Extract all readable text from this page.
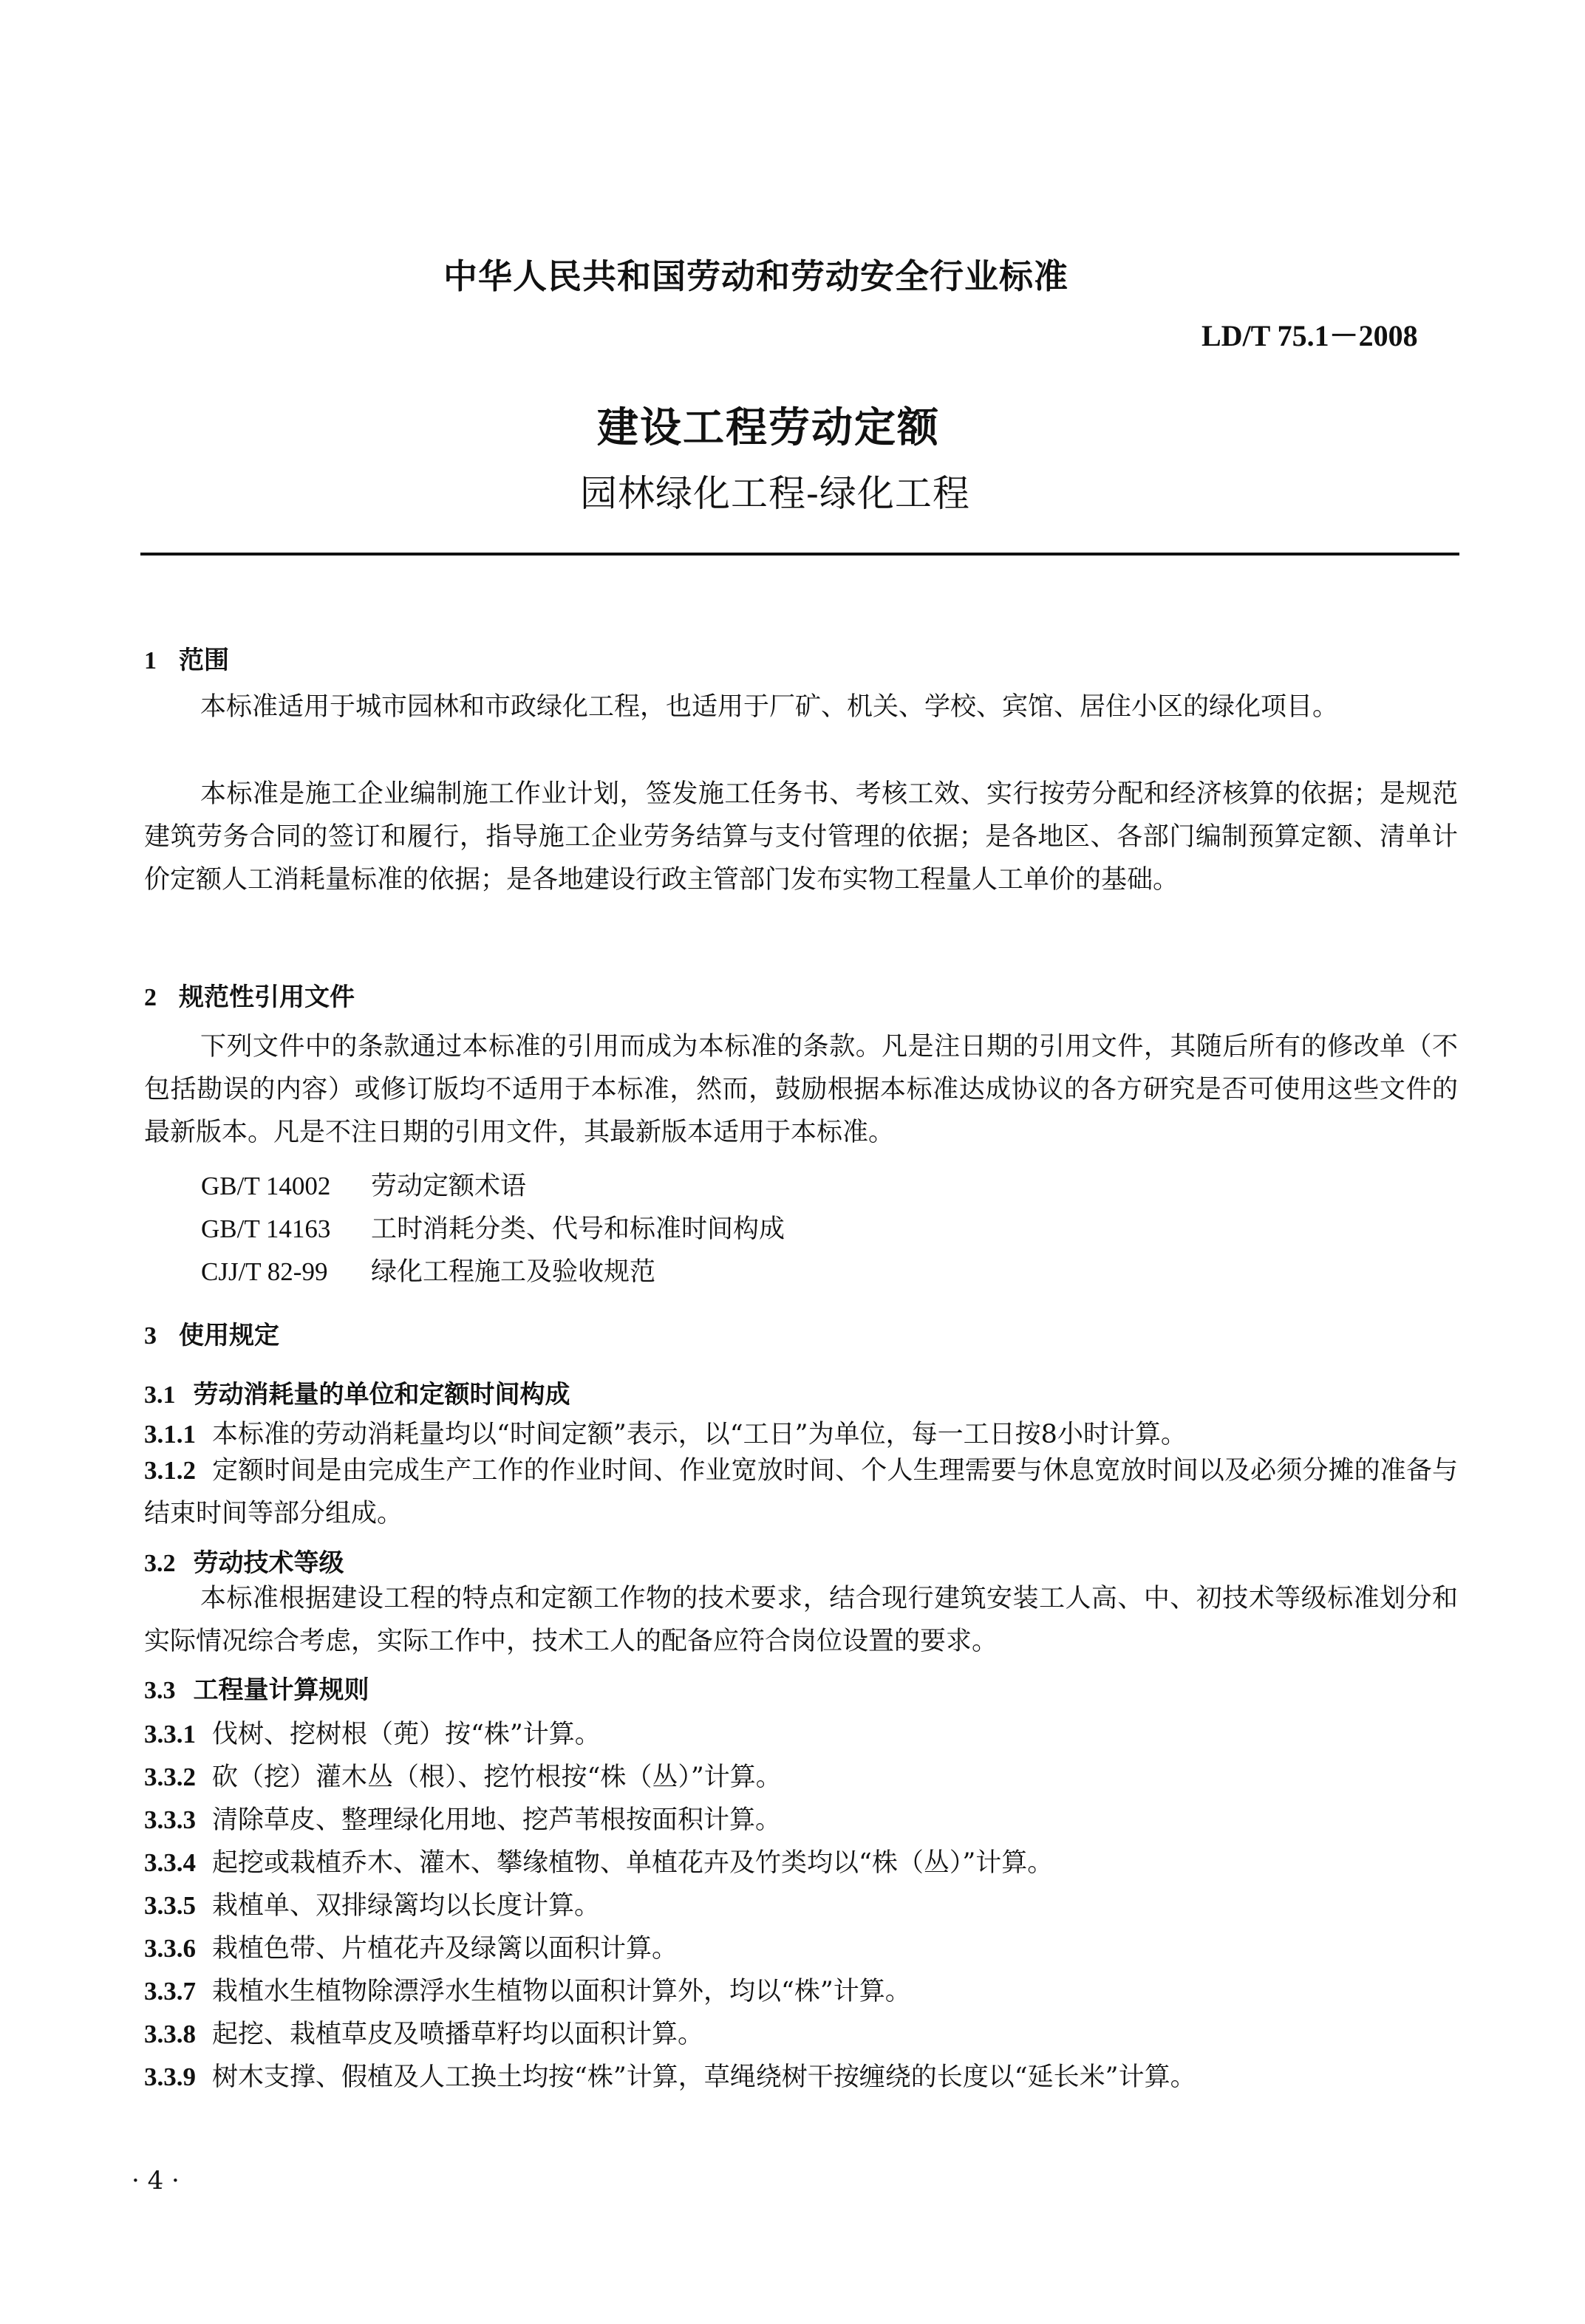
中华人民共和国劳动和劳动安全行业标准
LD/T 75.1－2008
建设工程劳动定额
园林绿化工程-绿化工程
1 范围
本标准适用于城市园林和市政绿化工程，也适用于厂矿、机关、学校、宾馆、居住小区的绿化项目。
本标准是施工企业编制施工作业计划，签发施工任务书、考核工效、实行按劳分配和经济核算的依据；是规范建筑劳务合同的签订和履行，指导施工企业劳务结算与支付管理的依据；是各地区、各部门编制预算定额、清单计价定额人工消耗量标准的依据；是各地建设行政主管部门发布实物工程量人工单价的基础。
2 规范性引用文件
下列文件中的条款通过本标准的引用而成为本标准的条款。凡是注日期的引用文件，其随后所有的修改单（不包括勘误的内容）或修订版均不适用于本标准，然而，鼓励根据本标准达成协议的各方研究是否可使用这些文件的最新版本。凡是不注日期的引用文件，其最新版本适用于本标准。
GB/T 14002 劳动定额术语
GB/T 14163 工时消耗分类、代号和标准时间构成
CJJ/T 82-99 绿化工程施工及验收规范
3 使用规定
3.1 劳动消耗量的单位和定额时间构成
3.1.1 本标准的劳动消耗量均以“时间定额”表示，以“工日”为单位，每一工日按8小时计算。
3.1.2 定额时间是由完成生产工作的作业时间、作业宽放时间、个人生理需要与休息宽放时间以及必须分摊的准备与结束时间等部分组成。
3.2 劳动技术等级
本标准根据建设工程的特点和定额工作物的技术要求，结合现行建筑安装工人高、中、初技术等级标准划分和实际情况综合考虑，实际工作中，技术工人的配备应符合岗位设置的要求。
3.3 工程量计算规则
3.3.1 伐树、挖树根（蔸）按“株”计算。
3.3.2 砍（挖）灌木丛（根）、挖竹根按“株（丛）”计算。
3.3.3 清除草皮、整理绿化用地、挖芦苇根按面积计算。
3.3.4 起挖或栽植乔木、灌木、攀缘植物、单植花卉及竹类均以“株（丛）”计算。
3.3.5 栽植单、双排绿篱均以长度计算。
3.3.6 栽植色带、片植花卉及绿篱以面积计算。
3.3.7 栽植水生植物除漂浮水生植物以面积计算外，均以“株”计算。
3.3.8 起挖、栽植草皮及喷播草籽均以面积计算。
3.3.9 树木支撑、假植及人工换土均按“株”计算，草绳绕树干按缠绕的长度以“延长米”计算。
· 4 ·
